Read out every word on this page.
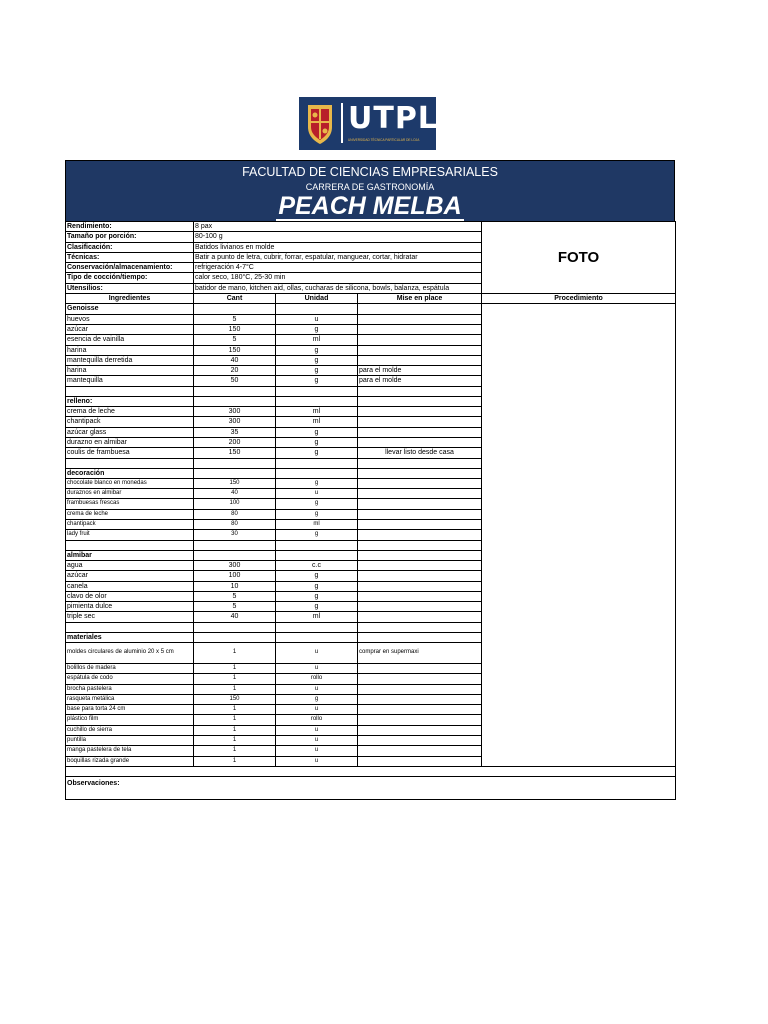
UTPL
UNIVERSIDAD TÉCNICA PARTICULAR DE LOJA
FACULTAD DE CIENCIAS EMPRESARIALES
CARRERA DE GASTRONOMÍA
PEACH MELBA
Rendimiento:	8 pax			FOTO
Tamaño por porción:	80-100 g			
Clasificación:	Batidos livianos en molde			
Técnicas:	Batir a punto de letra, cubrir, forrar, espatular, manguear, cortar, hidratar			
Conservación/almacenamiento:	refrigeración 4-7°C			
Tipo de cocción/tiempo:	calor seco, 180°C, 25-30 min			
Utensilios:	batidor de mano, kitchen aid, ollas, cucharas de silicona, bowls, balanza, espátula			
Ingredientes	Cant	Unidad	Mise en place	Procedimiento
Genoisse				
huevos	5	u		
azúcar	150	g		
esencia de vainilla	5	ml		
harina	150	g		
mantequilla derretida	40	g		
harina	20	g	para el molde	
mantequilla	50	g	para el molde	

relleno:				
crema de leche	300	ml		
chantipack	300	ml		
azúcar glass	35	g		
durazno en almibar	200	g		
coulis de frambuesa	150	g	llevar listo desde casa	

decoración				
chocolate blanco en monedas	150	g		
duraznos en almibar	40	u		
frambuesas frescas	100	g		
crema de leche	80	g		
chantipack	80	ml		
lady fruit	30	g		

almibar				
agua	300	c.c		
azúcar	100	g		
canela	10	g		
clavo de olor	5	g		
pimienta dulce	5	g		
triple sec	40	ml		

materiales				
moldes circulares de aluminio 20 x 5 cm	1	u	comprar en supermaxi	
bolillos de madera	1	u		
espátula de codo	1	rollo		
brocha pastelera	1	u		
rasqueta metálica	150	g		
base para torta 24 cm	1	u		
plástico film	1	rollo		
cuchillo de sierra	1	u		
puntilla	1	u		
manga pastelera de tela	1	u		
boquillas rizada grande	1	u		

Observaciones:				
